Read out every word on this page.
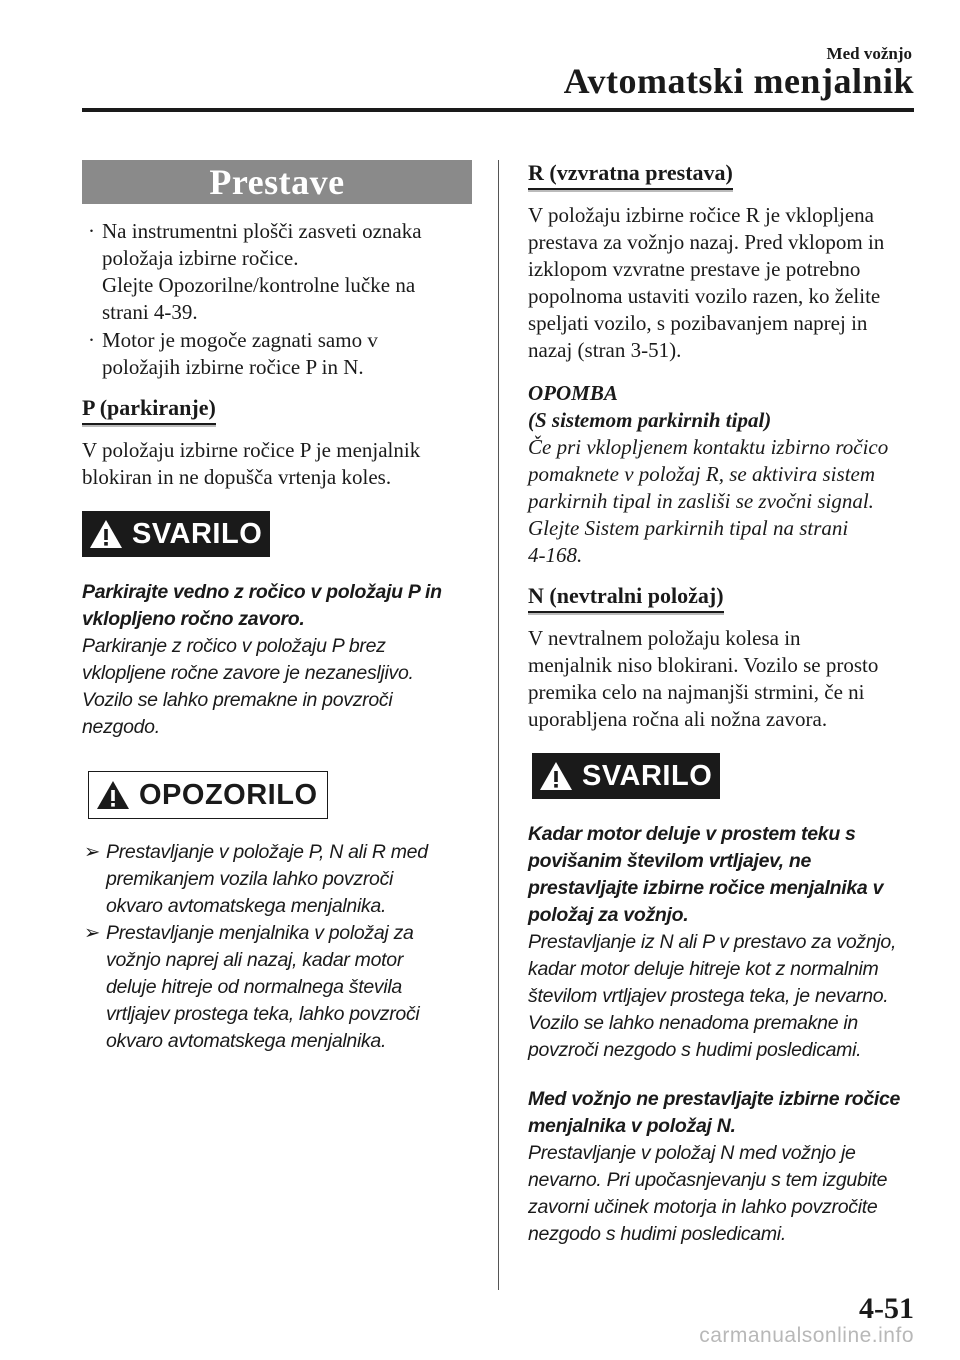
Med vožnjo
Avtomatski menjalnik
Prestave
· Na instrumentni plošči zasveti oznaka
položaja izbirne ročice.
Glejte Opozorilne/kontrolne lučke na
strani 4-39.
· Motor je mogoče zagnati samo v
položajih izbirne ročice P in N.
P (parkiranje)
V položaju izbirne ročice P je menjalnik
blokiran in ne dopušča vrtenja koles.
SVARILO
Parkirajte vedno z ročico v položaju P in
vklopljeno ročno zavoro.
Parkiranje z ročico v položaju P brez
vklopljene ročne zavore je nezanesljivo.
Vozilo se lahko premakne in povzroči
nezgodo.
OPOZORILO
➢ Prestavljanje v položaje P, N ali R med
premikanjem vozila lahko povzroči
okvaro avtomatskega menjalnika.
➢ Prestavljanje menjalnika v položaj za
vožnjo naprej ali nazaj, kadar motor
deluje hitreje od normalnega števila
vrtljajev prostega teka, lahko povzroči
okvaro avtomatskega menjalnika.
R (vzvratna prestava)
V položaju izbirne ročice R je vklopljena
prestava za vožnjo nazaj. Pred vklopom in
izklopom vzvratne prestave je potrebno
popolnoma ustaviti vozilo razen, ko želite
speljati vozilo, s pozibavanjem naprej in
nazaj (stran 3-51).
OPOMBA
(S sistemom parkirnih tipal)
Če pri vklopljenem kontaktu izbirno ročico
pomaknete v položaj R, se aktivira sistem
parkirnih tipal in zasliši se zvočni signal.
Glejte Sistem parkirnih tipal na strani
4-168.
N (nevtralni položaj)
V nevtralnem položaju kolesa in
menjalnik niso blokirani. Vozilo se prosto
premika celo na najmanjši strmini, če ni
uporabljena ročna ali nožna zavora.
SVARILO
Kadar motor deluje v prostem teku s
povišanim številom vrtljajev, ne
prestavljajte izbirne ročice menjalnika v
položaj za vožnjo.
Prestavljanje iz N ali P v prestavo za vožnjo,
kadar motor deluje hitreje kot z normalnim
številom vrtljajev prostega teka, je nevarno.
Vozilo se lahko nenadoma premakne in
povzroči nezgodo s hudimi posledicami.
Med vožnjo ne prestavljajte izbirne ročice
menjalnika v položaj N.
Prestavljanje v položaj N med vožnjo je
nevarno. Pri upočasnjevanju s tem izgubite
zavorni učinek motorja in lahko povzročite
nezgodo s hudimi posledicami.
4-51
carmanualsonline.info
